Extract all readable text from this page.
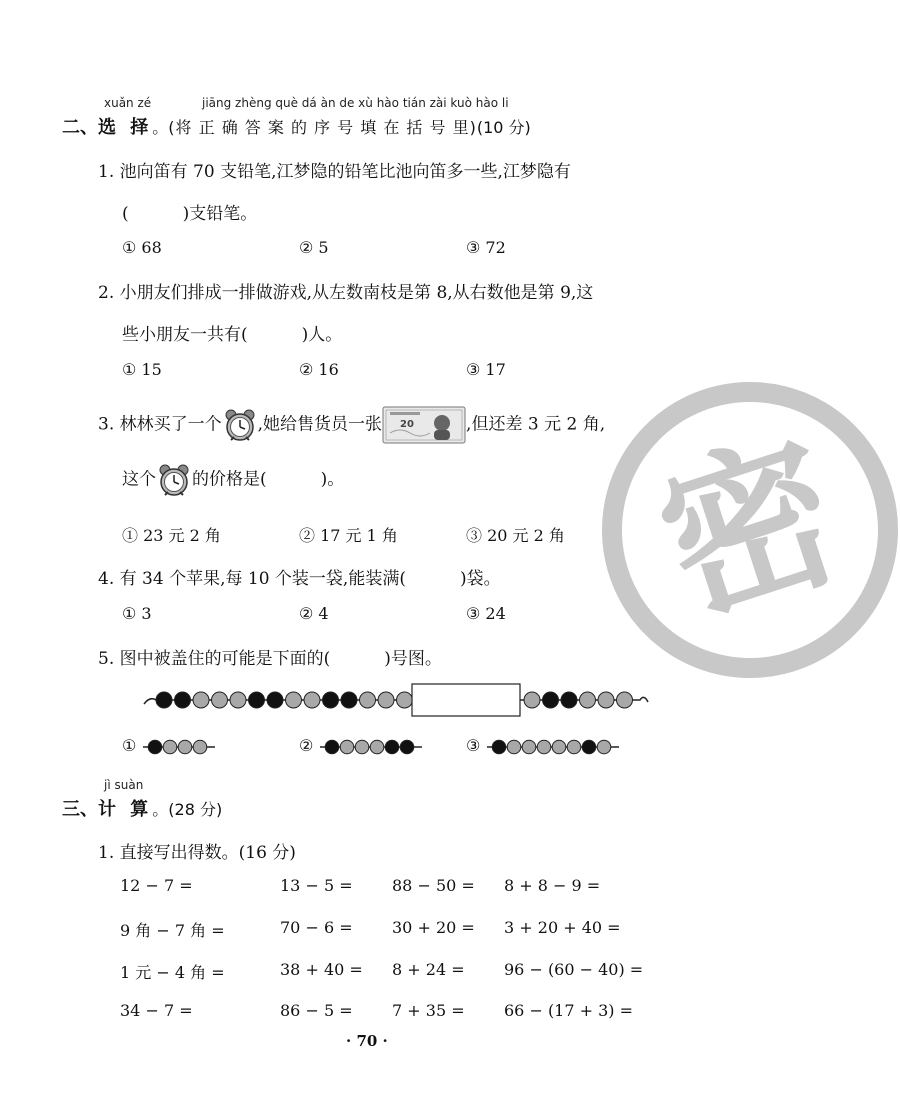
xuǎn zé	jiāng zhèng què dá àn de xù hào tián zài kuò hào li
二、选 择。(将 正 确 答 案 的 序 号 填 在 括 号 里)(10 分)
1. 池向笛有 70 支铅笔,江梦隐的铅笔比池向笛多一些,江梦隐有
(	)支铅笔。
① 68	② 5	③ 72
2. 小朋友们排成一排做游戏,从左数南枝是第 8,从右数他是第 9,这
些小朋友一共有(	)人。
① 15	② 16	③ 17
3. 林林买了一个 ,她给售货员一张 20	,但还差 3 元 2 角,
这个 的价格是(	)。
① 23 元 2 角	② 17 元 1 角	③ 20 元 2 角
4. 有 34 个苹果,每 10 个装一袋,能装满(	)袋。
① 3	② 4	③ 24
5. 图中被盖住的可能是下面的(	)号图。
①	②	③
jì suàn
三、计 算。(28 分)
1. 直接写出得数。(16 分)
12 − 7 =	13 − 5 = 88 − 50 = 8 + 8 − 9 =
9 角 − 7 角 =	70 − 6 = 30 + 20 = 3 + 20 + 40 =
1 元 − 4 角 =	38 + 40 = 8 + 24 = 96 − (60 − 40) =
34 − 7 =	86 − 5 = 7 + 35 = 66 − (17 + 3) =
· 70 ·
密
